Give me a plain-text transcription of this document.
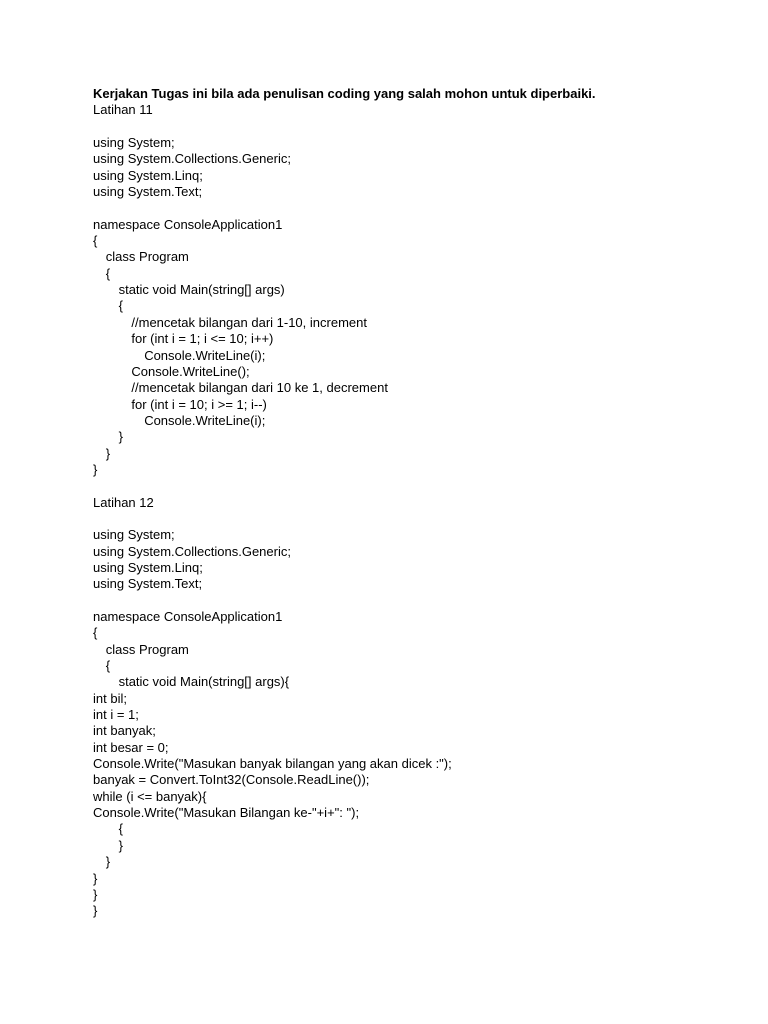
Kerjakan Tugas ini bila ada penulisan coding yang salah mohon untuk diperbaiki.
Latihan 11
using System;
using System.Collections.Generic;
using System.Linq;
using System.Text;
namespace ConsoleApplication1
{
class Program
{
static void Main(string[] args)
{
//mencetak bilangan dari 1-10, increment
for (int i = 1; i <= 10; i++)
Console.WriteLine(i);
Console.WriteLine();
//mencetak bilangan dari 10 ke 1, decrement
for (int i = 10; i >= 1; i--)
Console.WriteLine(i);
}
}
}
Latihan 12
using System;
using System.Collections.Generic;
using System.Linq;
using System.Text;
namespace ConsoleApplication1
{
class Program
{
static void Main(string[] args){
int bil;
int i = 1;
int banyak;
int besar = 0;
Console.Write("Masukan banyak bilangan yang akan dicek :");
banyak = Convert.ToInt32(Console.ReadLine());
while (i <= banyak){
Console.Write("Masukan Bilangan ke-"+i+": ");
{
}
}
}
}
}
